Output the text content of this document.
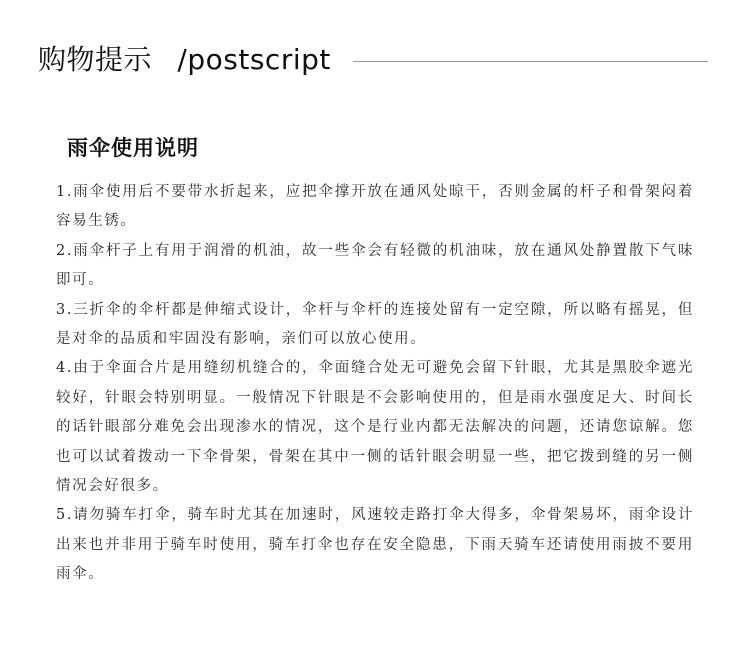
购物提示 /postscript
雨伞使用说明

1.雨伞使用后不要带水折起来，应把伞撑开放在通风处晾干，否则金属的杆子和骨架闷着容易生锈。

2.雨伞杆子上有用于润滑的机油，故一些伞会有轻微的机油味，放在通风处静置散下气味即可。

3.三折伞的伞杆都是伸缩式设计，伞杆与伞杆的连接处留有一定空隙，所以略有摇晃，但是对伞的品质和牢固没有影响，亲们可以放心使用。

4.由于伞面合片是用缝纫机缝合的，伞面缝合处无可避免会留下针眼，尤其是黑胶伞遮光较好，针眼会特别明显。一般情况下针眼是不会影响使用的，但是雨水强度足大、时间长的话针眼部分难免会出现渗水的情况，这个是行业内都无法解决的问题，还请您谅解。您也可以试着拨动一下伞骨架，骨架在其中一侧的话针眼会明显一些，把它拨到缝的另一侧情况会好很多。

5.请勿骑车打伞，骑车时尤其在加速时，风速较走路打伞大得多，伞骨架易坏，雨伞设计出来也并非用于骑车时使用，骑车打伞也存在安全隐患，下雨天骑车还请使用雨披不要用雨伞。
